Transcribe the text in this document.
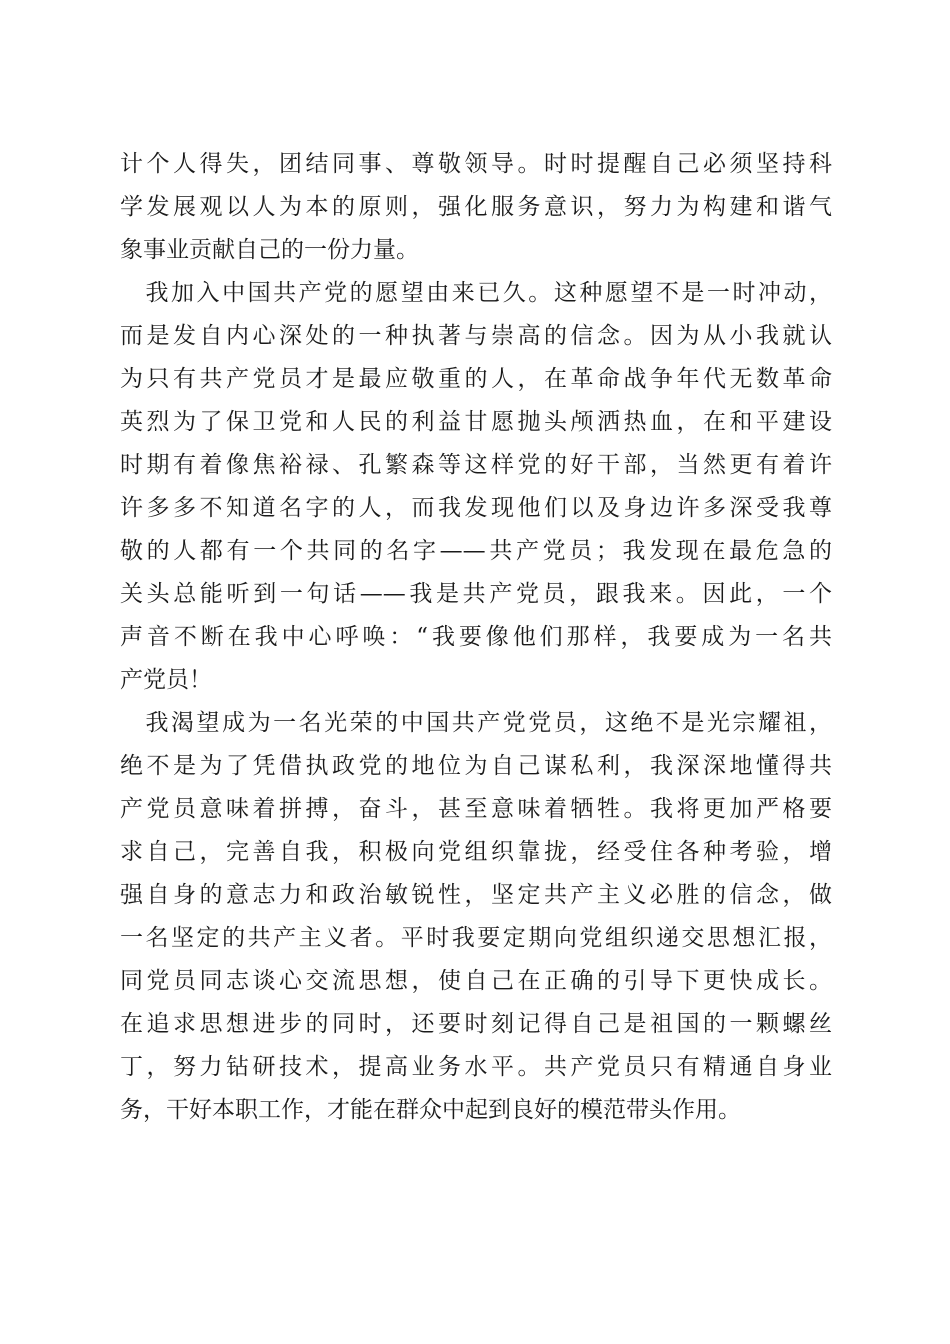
计个人得失，团结同事、尊敬领导。时时提醒自己必须坚持科
学发展观以人为本的原则，强化服务意识，努力为构建和谐气
象事业贡献自己的一份力量。
　我加入中国共产党的愿望由来已久。这种愿望不是一时冲动，
而是发自内心深处的一种执著与崇高的信念。因为从小我就认
为只有共产党员才是最应敬重的人，在革命战争年代无数革命
英烈为了保卫党和人民的利益甘愿抛头颅洒热血，在和平建设
时期有着像焦裕禄、孔繁森等这样党的好干部，当然更有着许
许多多不知道名字的人，而我发现他们以及身边许多深受我尊
敬的人都有一个共同的名字——共产党员；我发现在最危急的
关头总能听到一句话——我是共产党员，跟我来。因此，一个
声音不断在我中心呼唤：“我要像他们那样，我要成为一名共
产党员！
　我渴望成为一名光荣的中国共产党党员，这绝不是光宗耀祖，
绝不是为了凭借执政党的地位为自己谋私利，我深深地懂得共
产党员意味着拼搏，奋斗，甚至意味着牺牲。我将更加严格要
求自己，完善自我，积极向党组织靠拢，经受住各种考验，增
强自身的意志力和政治敏锐性，坚定共产主义必胜的信念，做
一名坚定的共产主义者。平时我要定期向党组织递交思想汇报，
同党员同志谈心交流思想，使自己在正确的引导下更快成长。
在追求思想进步的同时，还要时刻记得自己是祖国的一颗螺丝
丁，努力钻研技术，提高业务水平。共产党员只有精通自身业
务，干好本职工作，才能在群众中起到良好的模范带头作用。
